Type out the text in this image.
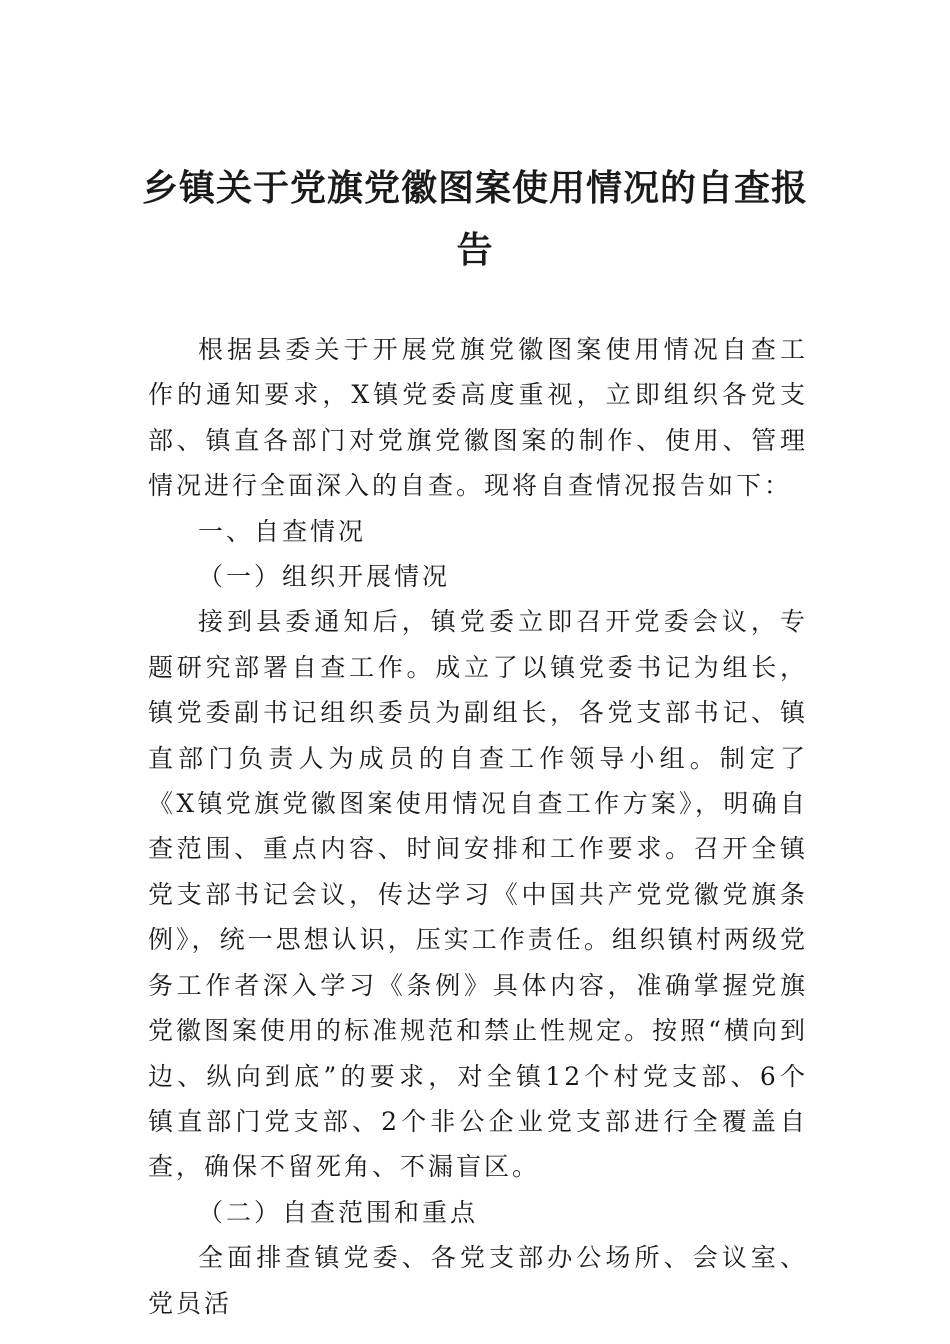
乡镇关于党旗党徽图案使用情况的自查报告

根据县委关于开展党旗党徽图案使用情况自查工作的通知要求，X镇党委高度重视，立即组织各党支部、镇直各部门对党旗党徽图案的制作、使用、管理情况进行全面深入的自查。现将自查情况报告如下：

一、自查情况

（一）组织开展情况

接到县委通知后，镇党委立即召开党委会议，专题研究部署自查工作。成立了以镇党委书记为组长，镇党委副书记组织委员为副组长，各党支部书记、镇直部门负责人为成员的自查工作领导小组。制定了《X镇党旗党徽图案使用情况自查工作方案》，明确自查范围、重点内容、时间安排和工作要求。召开全镇党支部书记会议，传达学习《中国共产党党徽党旗条例》，统一思想认识，压实工作责任。组织镇村两级党务工作者深入学习《条例》具体内容，准确掌握党旗党徽图案使用的标准规范和禁止性规定。按照“横向到边、纵向到底”的要求，对全镇12个村党支部、6个镇直部门党支部、2个非公企业党支部进行全覆盖自查，确保不留死角、不漏盲区。

（二）自查范围和重点

全面排查镇党委、各党支部办公场所、会议室、党员活
